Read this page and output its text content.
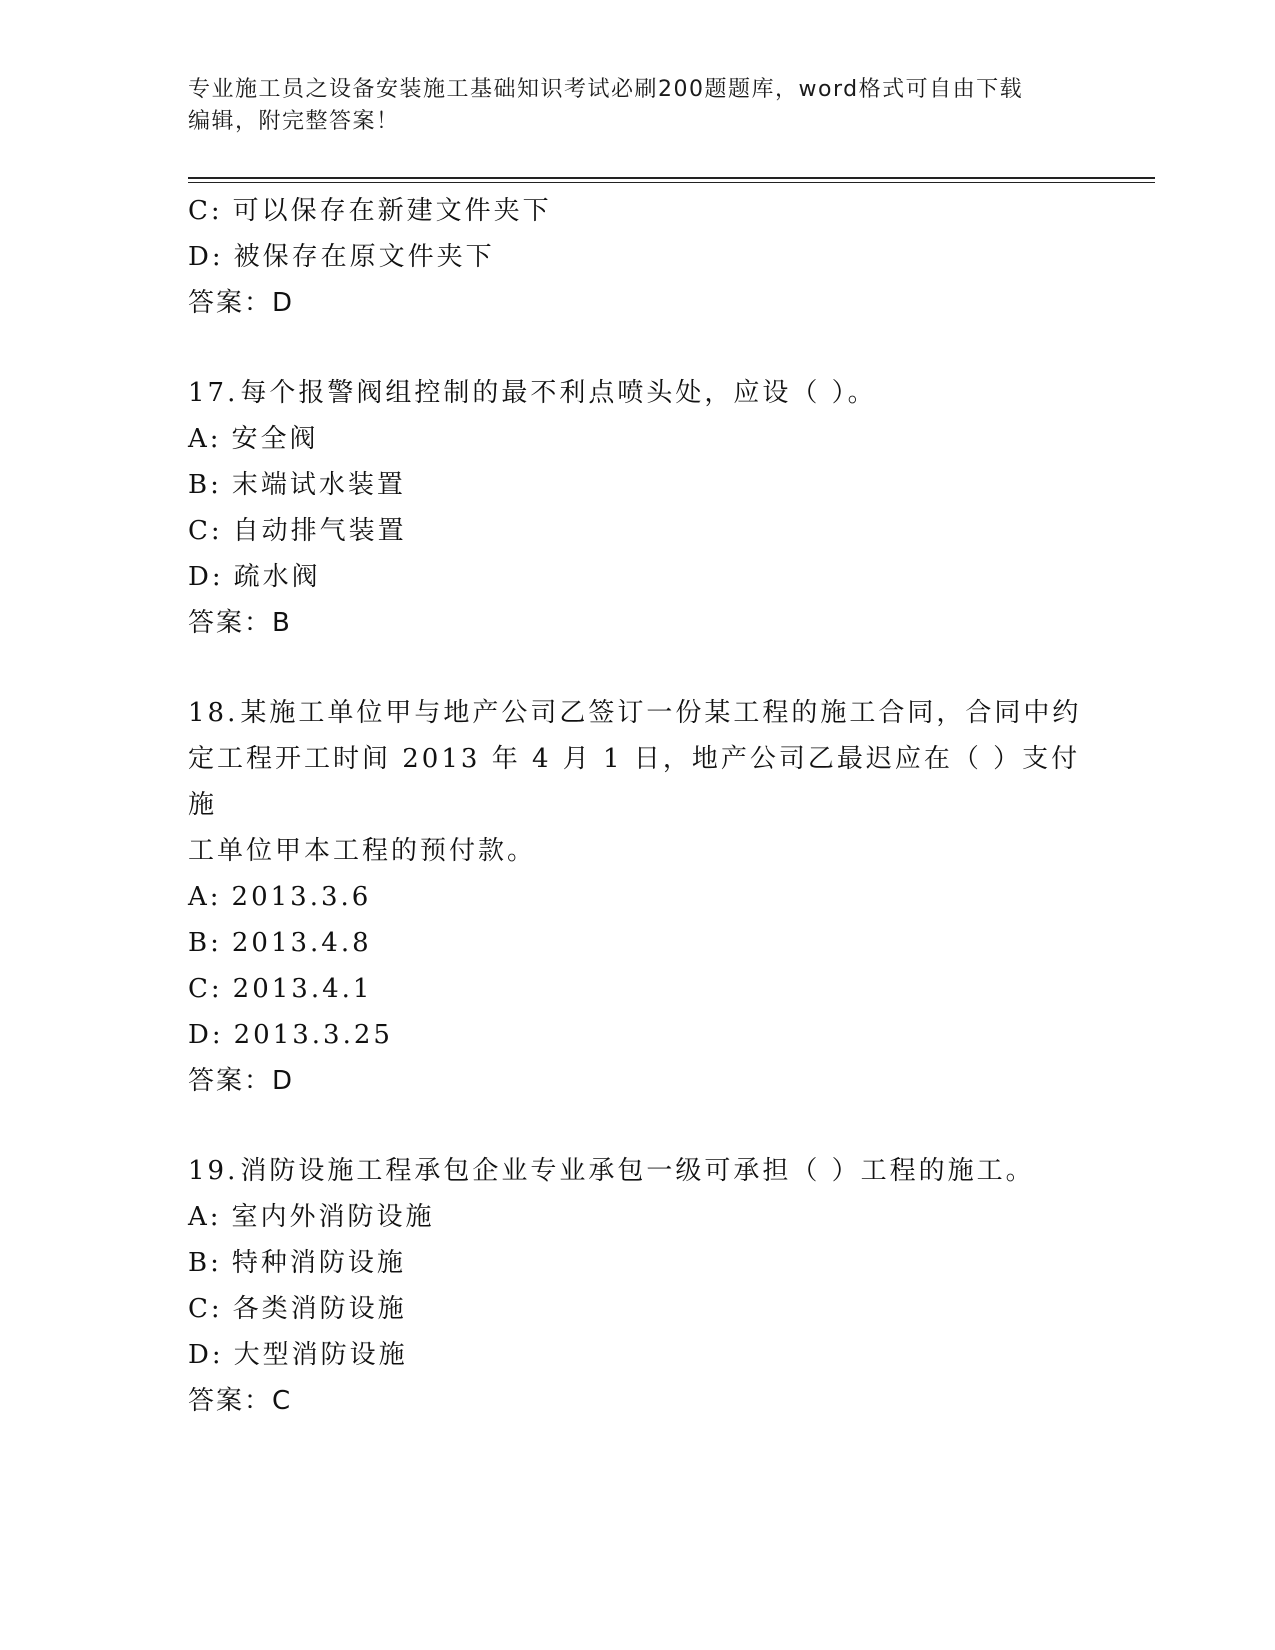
专业施工员之设备安装施工基础知识考试必刷200题题库，word格式可自由下载
编辑，附完整答案！
C: 可以保存在新建文件夹下
D: 被保存在原文件夹下
答案：D
17.每个报警阀组控制的最不利点喷头处，应设（ ）。
A: 安全阀
B: 末端试水装置
C: 自动排气装置
D: 疏水阀
答案：B
18.某施工单位甲与地产公司乙签订一份某工程的施工合同，合同中约
定工程开工时间 2013 年 4 月 1 日，地产公司乙最迟应在（ ）支付施
工单位甲本工程的预付款。
A: 2013.3.6
B: 2013.4.8
C: 2013.4.1
D: 2013.3.25
答案：D
19.消防设施工程承包企业专业承包一级可承担（ ）工程的施工。
A: 室内外消防设施
B: 特种消防设施
C: 各类消防设施
D: 大型消防设施
答案：C
